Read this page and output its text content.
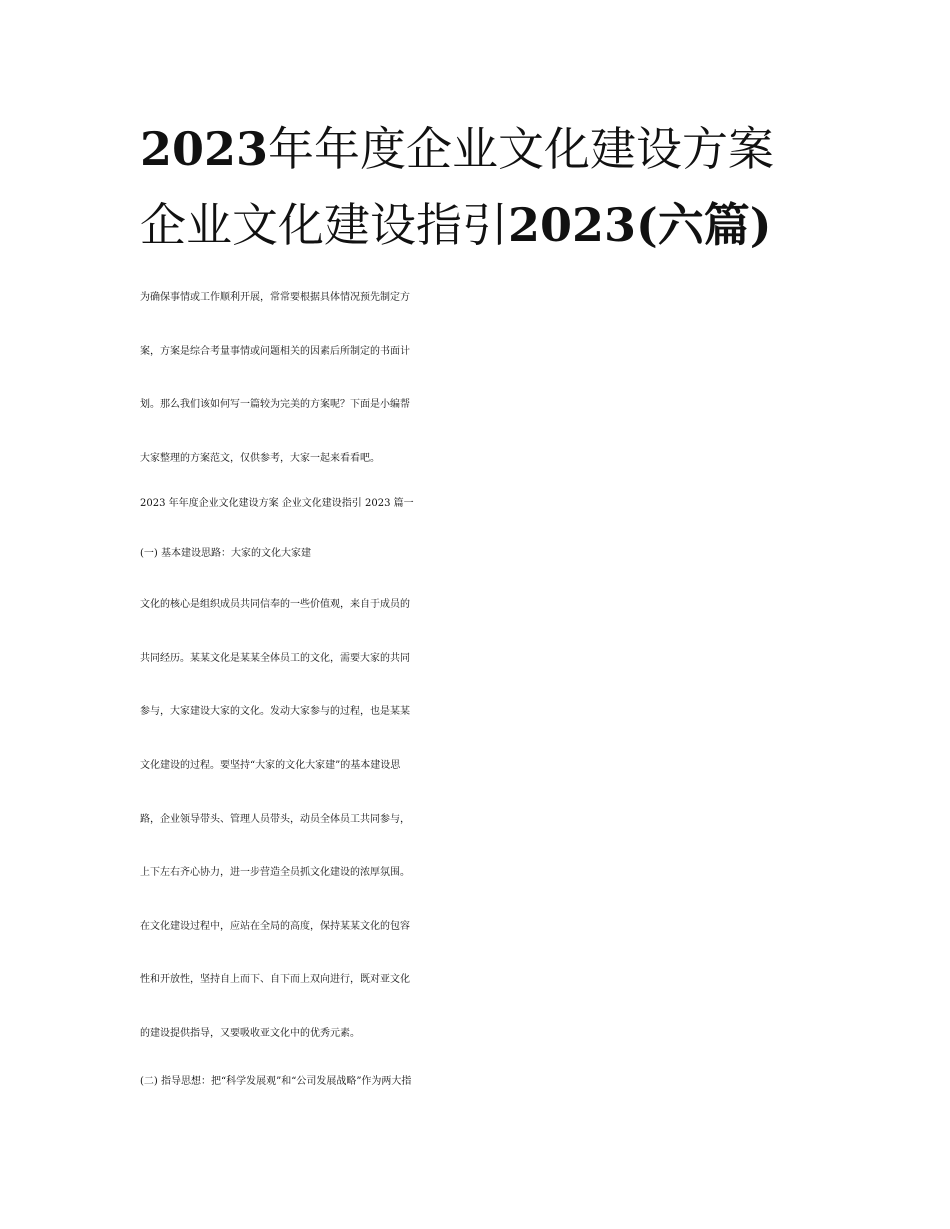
2023年年度企业文化建设方案
企业文化建设指引2023(六篇)

为确保事情或工作顺利开展，常常要根据具体情况预先制定方

案，方案是综合考量事情或问题相关的因素后所制定的书面计

划。那么我们该如何写一篇较为完美的方案呢？下面是小编帮

大家整理的方案范文，仅供参考，大家一起来看看吧。

2023 年年度企业文化建设方案 企业文化建设指引 2023 篇一

(一) 基本建设思路：大家的文化大家建

文化的核心是组织成员共同信奉的一些价值观，来自于成员的

共同经历。某某文化是某某全体员工的文化，需要大家的共同

参与，大家建设大家的文化。发动大家参与的过程，也是某某

文化建设的过程。要坚持“大家的文化大家建”的基本建设思

路，企业领导带头、管理人员带头，动员全体员工共同参与，

上下左右齐心协力，进一步营造全员抓文化建设的浓厚氛围。

在文化建设过程中，应站在全局的高度，保持某某文化的包容

性和开放性，坚持自上而下、自下而上双向进行，既对亚文化

的建设提供指导，又要吸收亚文化中的优秀元素。

(二) 指导思想：把“科学发展观”和“公司发展战略”作为两大指
